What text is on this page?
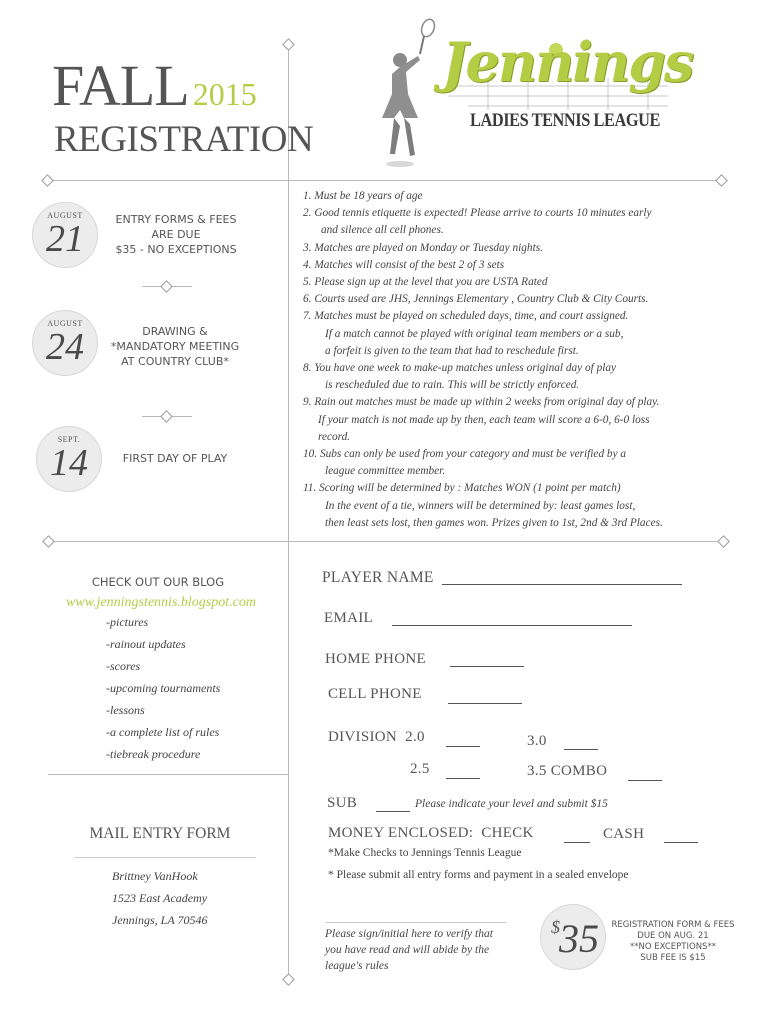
FALL 2015
REGISTRATION
Jennings
LADIES TENNIS LEAGUE
AUGUST
21	ENTRY FORMS & FEES
ARE DUE
$35 - NO EXCEPTIONS
AUGUST
24	DRAWING &
*MANDATORY MEETING
AT COUNTRY CLUB*
SEPT.
14	FIRST DAY OF PLAY
1. Must be 18 years of age
2. Good tennis etiquette is expected! Please arrive to courts 10 minutes early
and silence all cell phones.
3. Matches are played on Monday or Tuesday nights.
4. Matches will consist of the best 2 of 3 sets
5. Please sign up at the level that you are USTA Rated
6. Courts used are JHS, Jennings Elementary , Country Club & City Courts.
7. Matches must be played on scheduled days, time, and court assigned.
If a match cannot be played with original team members or a sub,
a forfeit is given to the team that had to reschedule first.
8. You have one week to make-up matches unless original day of play
is rescheduled due to rain. This will be strictly enforced.
9. Rain out matches must be made up within 2 weeks from original day of play.
If your match is not made up by then, each team will score a 6-0, 6-0 loss
record.
10. Subs can only be used from your category and must be verified by a
league committee member.
11. Scoring will be determined by : Matches WON (1 point per match)
In the event of a tie, winners will be determined by: least games lost,
then least sets lost, then games won. Prizes given to 1st, 2nd & 3rd Places.
CHECK OUT OUR BLOG
www.jenningstennis.blogspot.com
-pictures
-rainout updates
-scores
-upcoming tournaments
-lessons
-a complete list of rules
-tiebreak procedure
MAIL ENTRY FORM
Brittney VanHook
1523 East Academy
Jennings, LA 70546
PLAYER NAME
EMAIL
HOME PHONE
CELL PHONE
DIVISION 2.0	3.0
2.5	3.5 COMBO
SUB	Please indicate your level and submit $15
MONEY ENCLOSED: CHECK	CASH
*Make Checks to Jennings Tennis League
* Please submit all entry forms and payment in a sealed envelope
Please sign/initial here to verify that
you have read and will abide by the
league's rules
$ 35	REGISTRATION FORM & FEES
DUE ON AUG. 21
**NO EXCEPTIONS**
SUB FEE IS $15
